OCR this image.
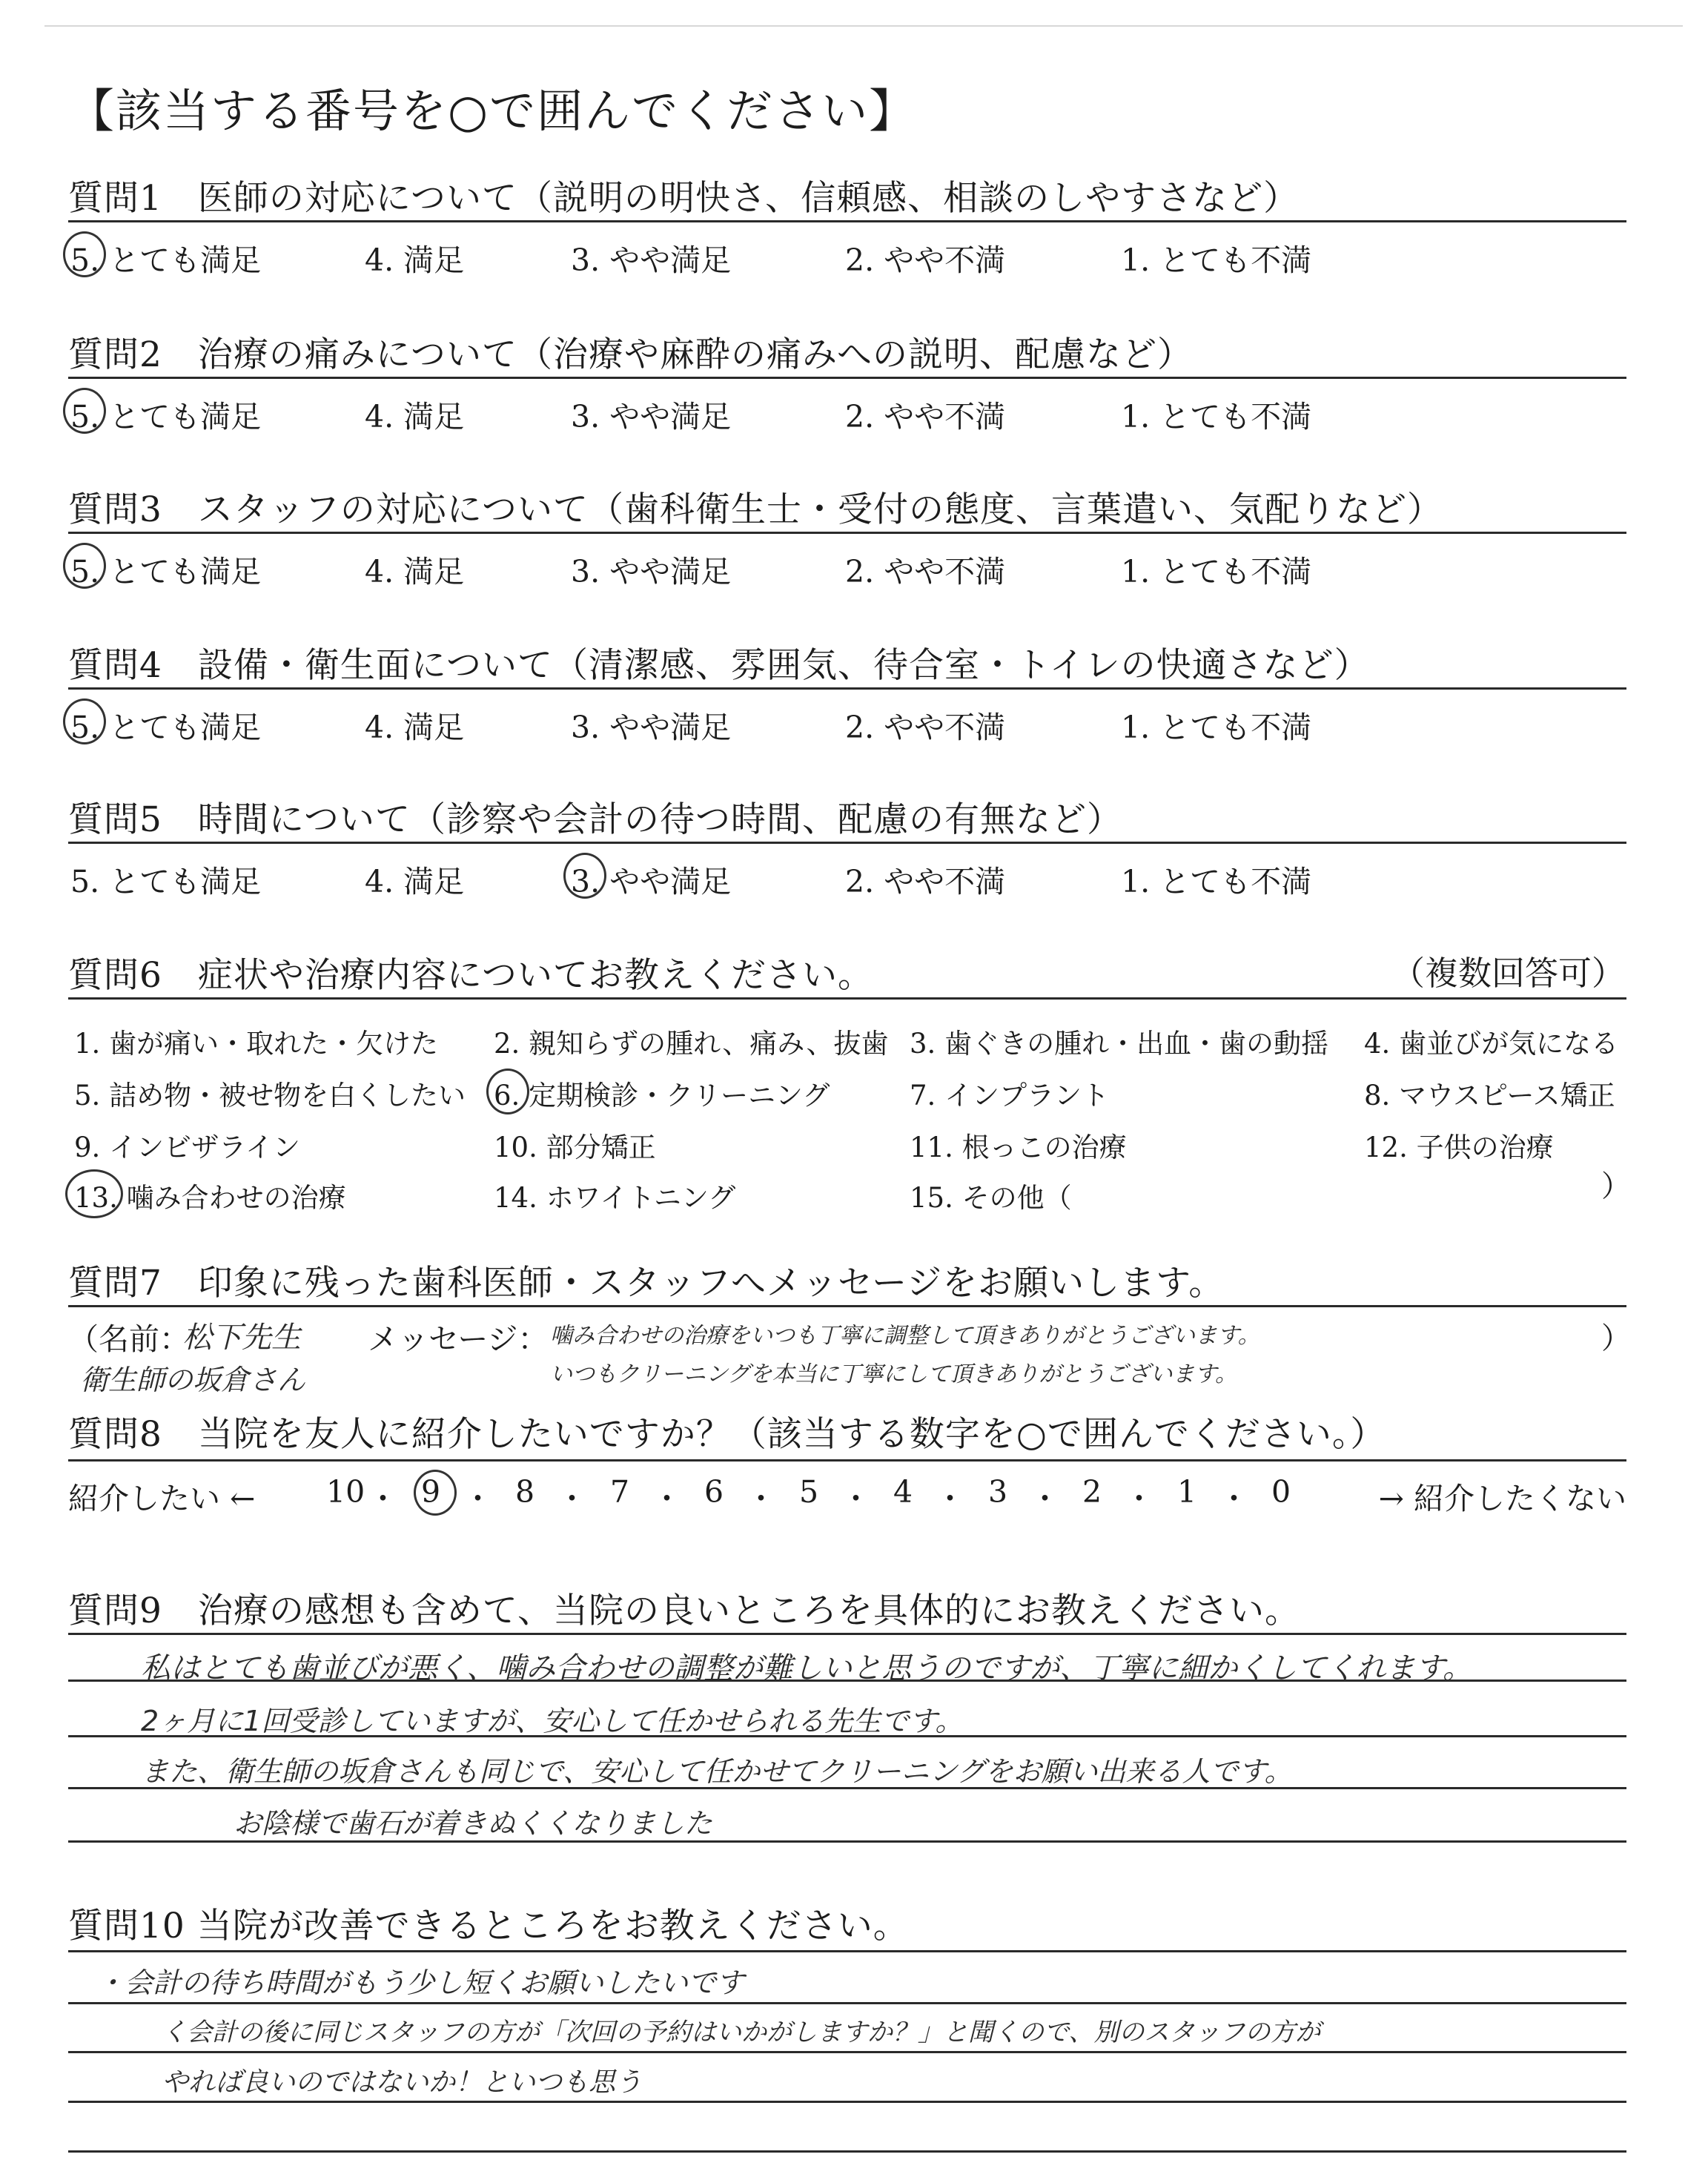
【該当する番号を○で囲んでください】
質問1　医師の対応について（説明の明快さ、信頼感、相談のしやすさなど）
5. とても満足	4. 満足	3. やや満足	2. やや不満	1. とても不満
質問2　治療の痛みについて（治療や麻酔の痛みへの説明、配慮など）
5. とても満足	4. 満足	3. やや満足	2. やや不満	1. とても不満
質問3　スタッフの対応について（歯科衛生士・受付の態度、言葉遣い、気配りなど）
5. とても満足	4. 満足	3. やや満足	2. やや不満	1. とても不満
質問4　設備・衛生面について（清潔感、雰囲気、待合室・トイレの快適さなど）
5. とても満足	4. 満足	3. やや満足	2. やや不満	1. とても不満
質問5　時間について（診察や会計の待つ時間、配慮の有無など）
5. とても満足	4. 満足	3. やや満足	2. やや不満	1. とても不満
質問6　症状や治療内容についてお教えください。	（複数回答可）
1. 歯が痛い・取れた・欠けた 2. 親知らずの腫れ、痛み、抜歯 3. 歯ぐきの腫れ・出血・歯の動揺 4. 歯並びが気になる
5. 詰め物・被せ物を白くしたい 6. 定期検診・クリーニング	7. インプラント	8. マウスピース矯正
9. インビザライン	10. 部分矯正	11. 根っこの治療	12. 子供の治療
13. 噛み合わせの治療	14. ホワイトニング	15. その他（	）
質問7　印象に残った歯科医師・スタッフへメッセージをお願いします。
（名前：
松下先生
衛生師の坂倉さん
メッセージ： 噛み合わせの治療をいつも丁寧に調整して頂きありがとうございます。
いつもクリーニングを本当に丁寧にして頂きありがとうございます。
）
質問8　当院を友人に紹介したいですか？（該当する数字を○で囲んでください。）
紹介したい ←	→ 紹介したくない
10 ・ 9 ・ 8 ・ 7 ・ 6 ・ 5 ・ 4 ・ 3 ・ 2 ・ 1 ・ 0
質問9　治療の感想も含めて、当院の良いところを具体的にお教えください。
私はとても歯並びが悪く、噛み合わせの調整が難しいと思うのですが、丁寧に細かくしてくれます。
2ヶ月に1回受診していますが、安心して任かせられる先生です。
また、衛生師の坂倉さんも同じで、安心して任かせてクリーニングをお願い出来る人です。
お陰様で歯石が着きぬくくなりました
質問10 当院が改善できるところをお教えください。
・会計の待ち時間がもう少し短くお願いしたいです
く会計の後に同じスタッフの方が「次回の予約はいかがしますか？」と聞くので、別のスタッフの方が
やれば良いのではないか！といつも思う
